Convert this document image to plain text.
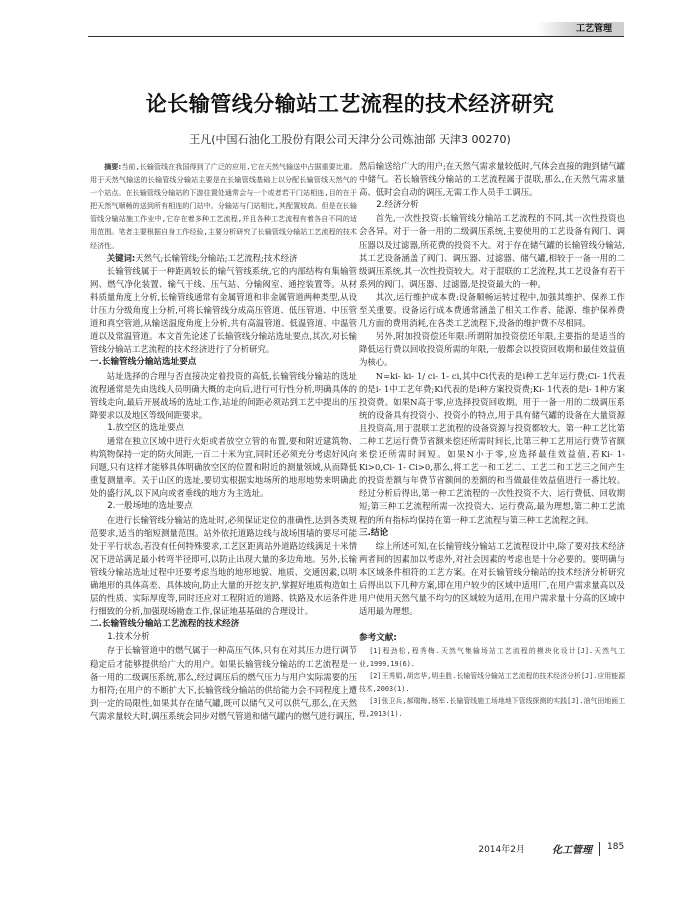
工艺管理
论长输管线分输站工艺流程的技术经济研究
王凡(中国石油化工股份有限公司天津分公司炼油部 天津3 00270)

摘要:当前,长输管线在我国得到了广泛的应用,它在天然气输送中占据重要比重。用于天然气输送的长输管线分输站主要是在长输管线基础上以分配长输管线天然气的一个站点。在长输管线分输站的下游往置处通常会与一个或者若干门站相连,目的在于把天然气顺畅的送到所有相连的门站中。分输站与门站相比,其配置较高。但是在长输管线分输站施工作业中,它存在着多种工艺流程,并且各种工艺流程有着各自不同的适用范围。笔者主要根据自身工作经验,主要分析研究了长输管线分输站工艺流程的技术经济性。

关键词:天然气;长输管线;分输站;工艺流程;技术经济

长输管线属于一种距离较长的输气管线系统,它的内部结构有集输管网、燃气净化装置、输气干线、压气站、分输阀室、通控装置等。从材料质量角度上分析,长输管线通常有金属管道和非金属管道两种类型,从设计压力分级角度上分析,可将长输管线分成高压管道、低压管道、中压管道和真空管道,从输送温度角度上分析,共有高温管道、低温管道、中温管道以及常温管道。本文首先论述了长输管线分输站选址要点,其次,对长输管线分输站工艺流程的技术经济进行了分析研究。

一.长输管线分输站选址要点

站址选择的合理与否直接决定着投资的高低,长输管线分输站的选址流程通常是先由选线人员明确大概的走向后,进行可行性分析,明确具体的管线走向,最后开展战场的选址工作,站址的间距必须站到工艺中提出的压降要求以及地区等级间距要求。

1.放空区的选址要点

通常在独立区域中进行火炬或者放空立管的布置,要和附近建筑物、构筑物保持一定的防火间距,一百二十米为宜,同时还必须充分考虑好风向问题,只有这样才能够具体明确放空区的位置和附近的测量领域,从而降低重复测量率。关于山区的选址,要切实根据实地场所的地形地势来明确此处的盛行风,以下风向或者垂线的地方为主选址。

2.一般场地的选址要点

在进行长输管线分输站的选址时,必须保证定位的准确性,达到各类规范要求,适当的缩短测量范围。站外依托道路边线与战场围墙的要尽可能处于平行状态,若没有任何特殊要求,工艺区距离站外道路边线满足十米情况下进站满足最小转弯半径即可,以防止出现大量的多边角地。另外,长输管线分输站选址过程中还要考虑当地的地形地貌、地质、交通因素,以明确地形的具体高差、具体坡向,防止大量的开挖支护,掌握好地质构造如土层的性质、实际厚度等,同时还应对工程附近的道路、铁路及水运条件进行细致的分析,加强现场勘查工作,保证地基基础的合理设计。

二.长输管线分输站工艺流程的技术经济

1.技术分析

存于长输管道中的燃气属于一种高压气体,只有在对其压力进行调节稳定后才能够提供给广大的用户。如果长输管线分输站的工艺流程是一备一用的二级调压系统,那么,经过调压后的燃气压力与用户实际需要的压力相符;在用户的不断扩大下,长输管线分输站的供给能力会不同程度上遭到一定的局限性,如果其存在储气罐,既可以储气又可以供气,那么,在天然气需求量较大时,调压系统会同步对燃气管道和储气罐内的燃气进行调压,

然后输送给广大的用户;在天然气需求量较低时,气体会直接的跑到储气罐中储气。若长输管线分输站的工艺流程属于混联,那么,在天然气需求量高、低时会自动的调压,无需工作人员手工调压。

2.经济分析

首先,一次性投资:长输管线分输站工艺流程的不同,其一次性投资也会各异。对于一备一用的二级调压系统,主要使用的工艺设备有阀门、调压器以及过滤器,所花费的投资不大。对于存在储气罐的长输管线分输站,其工艺设备涵盖了阀门、调压器、过滤器、储气罐,相较于一备一用的二级调压系统,其一次性投资较大。对于混联的工艺流程,其工艺设备有若干系列的阀门、调压器、过滤器,是投资最大的一种。

其次,运行维护成本费:设备顺畅运转过程中,加强其维护、保养工作至关重要。设备运行成本费通常涵盖了相关工作者、能源、维护保养费几方面的费用消耗,在各类工艺流程下,设备的维护费不尽相同。

另外,附加投资偿还年限:所谓附加投资偿还年限,主要指的是适当的降低运行费以回收投资所需的年限,一般都会以投资回收期和最佳效益值为核心。

N=ki- ki- 1/ ci- 1- ci,其中Ci代表的是i种工艺年运行费;Ci- 1代表的是i- 1中工艺年费;Ki代表的是i种方案投资费;Ki- 1代表的是i- 1种方案投资费。如果N高于零,应选择投资回收期。用于一备一用的二级调压系统的设备具有投资小、投资小的特点,用于具有储气罐的设备在大量资源且投资高,用于混联工艺流程的设备资源与投资都较大。第一种工艺比第二种工艺运行费节省额来偿还所需时间长,比第三种工艺用运行费节省额来偿还所需时间短。如果N小于零,应选择最佳效益值,若Ki- 1- Ki>0,Ci- 1- Ci>0,那么,将工艺一和工艺二、工艺二和工艺三之间产生的投资差额与年费节省额间的差额的和当做最佳效益值进行一番比较。经过分析后得出,第一种工艺流程的一次性投资不大、运行费低、回收期短;第三种工艺流程所需一次投资大、运行费高,最为理想,第二种工艺流程的所有指标均保持在第一种工艺流程与第三种工艺流程之间。

三.结论

综上所述可知,在长输管线分输站工艺流程设计中,除了要对技术经济两者间的因素加以考虑外,对社会因素的考虑也是十分必要的。要明确与本区域条件相符的工艺方案。在对长输管线分输站的技术经济分析研究后得出以下几种方案,即在用户较少的区域中适用厂,在用户需求量高以及用户使用天然气量不均匀的区域较为适用,在用户需求量十分高的区域中适用最为理想。

参考文献:
[1]程劲松,程秀梅.天然气集输场站工艺流程的模块化设计[J].天然气工业,1999,19(6).
[2]王秀娟,胡忠华,明圭胜.长输管线分输站工艺流程的技术经济分析[J].应用能源技术,2003(1).
[3]张卫兵,郝瑞梅,杨军.长输管线施工场地地下管线探测的实践[J].油气田地面工程,2013(1).
2014年2月	化工管理 185
